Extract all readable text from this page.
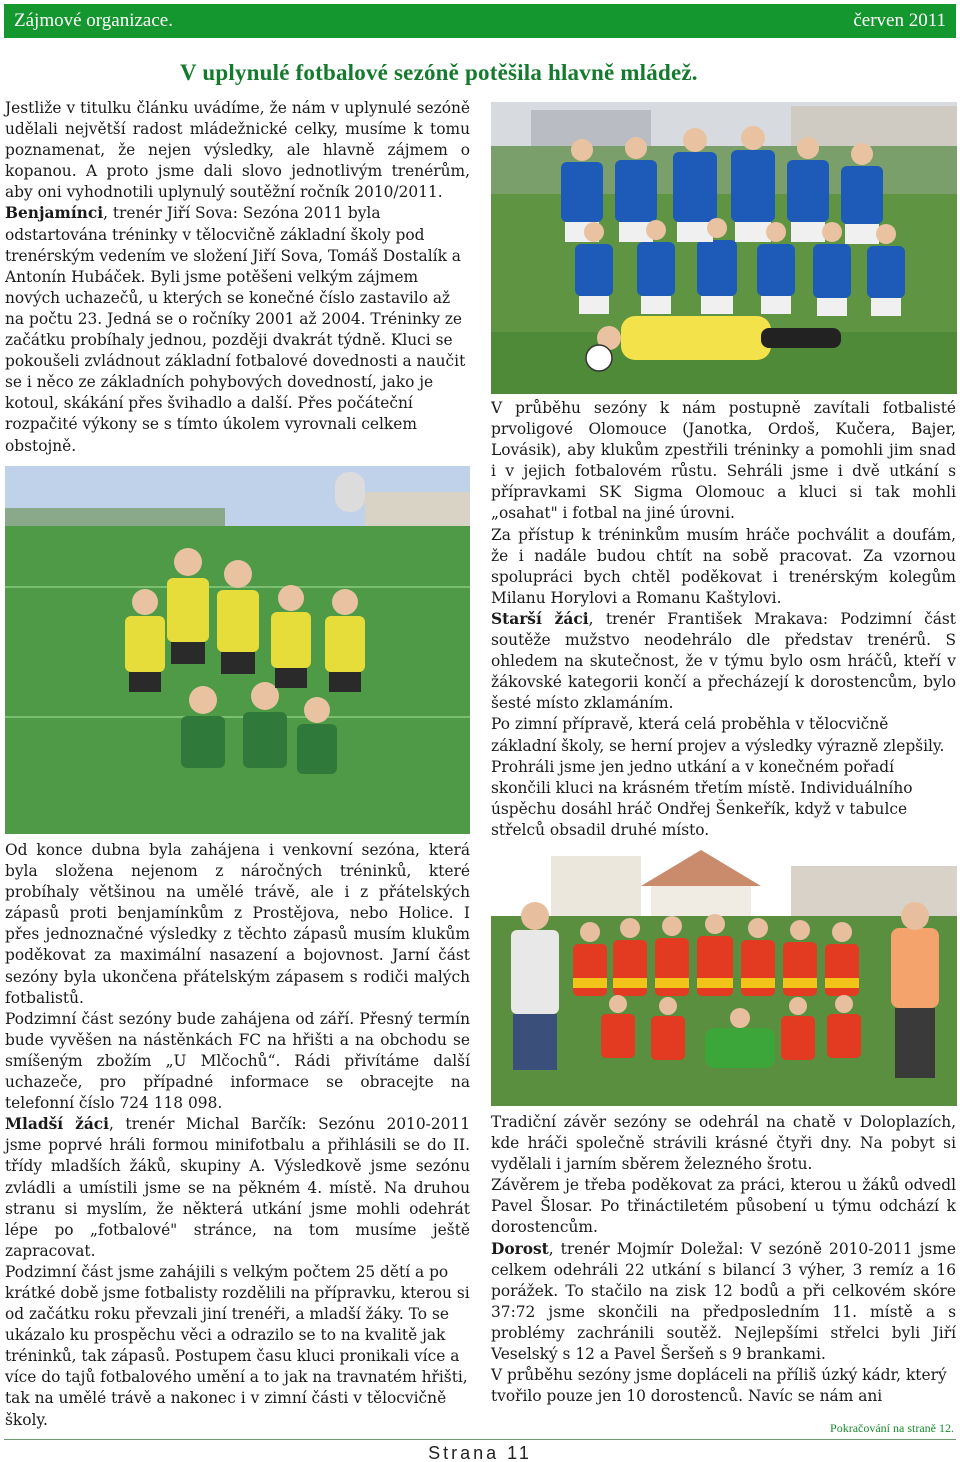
Zájmové organizace.	červen 2011
V uplynulé fotbalové sezóně potěšila hlavně mládež.

Jestliže v titulku článku uvádíme, že nám v uplynulé sezóně udělali největší radost mládežnické celky, musíme k tomu poznamenat, že nejen výsledky, ale hlavně zájmem o kopanou. A proto jsme dali slovo jednotlivým trenérům, aby oni vyhodnotili uplynulý soutěžní ročník 2010/2011.

Benjamínci, trenér Jiří Sova: Sezóna 2011 byla odstartována tréninky v tělocvičně základní školy pod trenérským vedením ve složení Jiří Sova, Tomáš Dostalík a Antonín Hubáček. Byli jsme potěšeni velkým zájmem nových uchazečů, u kterých se konečné číslo zastavilo až na počtu 23. Jedná se o ročníky 2001 až 2004. Tréninky ze začátku probíhaly jednou, později dvakrát týdně. Kluci se pokoušeli zvládnout základní fotbalové dovednosti a naučit se i něco ze základních pohybových dovedností, jako je kotoul, skákání přes švihadlo a další. Přes počáteční rozpačité výkony se s tímto úkolem vyrovnali celkem obstojně.

V průběhu sezóny k nám postupně zavítali fotbalisté prvoligové Olomouce (Janotka, Ordoš, Kučera, Bajer, Lovásik), aby klukům zpestřili tréninky a pomohli jim snad i v jejich fotbalovém růstu. Sehráli jsme i dvě utkání s přípravkami SK Sigma Olomouc a kluci si tak mohli „osahat" i fotbal na jiné úrovni.

Za přístup k tréninkům musím hráče pochválit a doufám, že i nadále budou chtít na sobě pracovat. Za vzornou spolupráci bych chtěl poděkovat i trenérským kolegům Milanu Horylovi a Romanu Kaštylovi.

Starší žáci, trenér František Mrakava: Podzimní část soutěže mužstvo neodehrálo dle představ trenérů. S ohledem na skutečnost, že v týmu bylo osm hráčů, kteří v žákovské kategorii končí a přecházejí k dorostencům, bylo šesté místo zklamáním.

Po zimní přípravě, která celá proběhla v tělocvičně základní školy, se herní projev a výsledky výrazně zlepšily. Prohráli jsme jen jedno utkání a v konečném pořadí skončili kluci na krásném třetím místě. Individuálního úspěchu dosáhl hráč Ondřej Šenkeřík, když v tabulce střelců obsadil druhé místo.

Od konce dubna byla zahájena i venkovní sezóna, která byla složena nejenom z náročných tréninků, které probíhaly většinou na umělé trávě, ale i z přátelských zápasů proti benjamínkům z Prostějova, nebo Holice. I přes jednoznačné výsledky z těchto zápasů musím klukům poděkovat za maximální nasazení a bojovnost. Jarní část sezóny byla ukončena přátelským zápasem s rodiči malých fotbalistů.

Podzimní část sezóny bude zahájena od září. Přesný termín bude vyvěšen na nástěnkách FC na hřišti a na obchodu se smíšeným zbožím „U Mlčochů“. Rádi přivítáme další uchazeče, pro případné informace se obracejte na telefonní číslo 724 118 098.

Mladší žáci, trenér Michal Barčík: Sezónu 2010-2011 jsme poprvé hráli formou minifotbalu a přihlásili se do II. třídy mladších žáků, skupiny A. Výsledkově jsme sezónu zvládli a umístili jsme se na pěkném 4. místě. Na druhou stranu si myslím, že některá utkání jsme mohli odehrát lépe po „fotbalové" stránce, na tom musíme ještě zapracovat.

Podzimní část jsme zahájili s velkým počtem 25 dětí a po krátké době jsme fotbalisty rozdělili na přípravku, kterou si od začátku roku převzali jiní trenéři, a mladší žáky. To se ukázalo ku prospěchu věci a odrazilo se to na kvalitě jak tréninků, tak zápasů. Postupem času kluci pronikali více a více do tajů fotbalového umění a to jak na travnatém hřišti, tak na umělé trávě a nakonec i v zimní části v tělocvičně školy.

Tradiční závěr sezóny se odehrál na chatě v Doloplazích, kde hráči společně strávili krásné čtyři dny. Na pobyt si vydělali i jarním sběrem železného šrotu.

Závěrem je třeba poděkovat za práci, kterou u žáků odvedl Pavel Šlosar. Po třináctiletém působení u týmu odchází k dorostencům.

Dorost, trenér Mojmír Doležal: V sezóně 2010-2011 jsme celkem odehráli 22 utkání s bilancí 3 výher, 3 remíz a 16 porážek. To stačilo na zisk 12 bodů a při celkovém skóre 37:72 jsme skončili na předposledním 11. místě a s problémy zachránili soutěž. Nejlepšími střelci byli Jiří Veselský s 12 a Pavel Šeršeň s 9 brankami.

V průběhu sezóny jsme dopláceli na příliš úzký kádr, který tvořilo pouze jen 10 dorostenců. Navíc se nám ani

Pokračování na straně 12.
Strana 11
